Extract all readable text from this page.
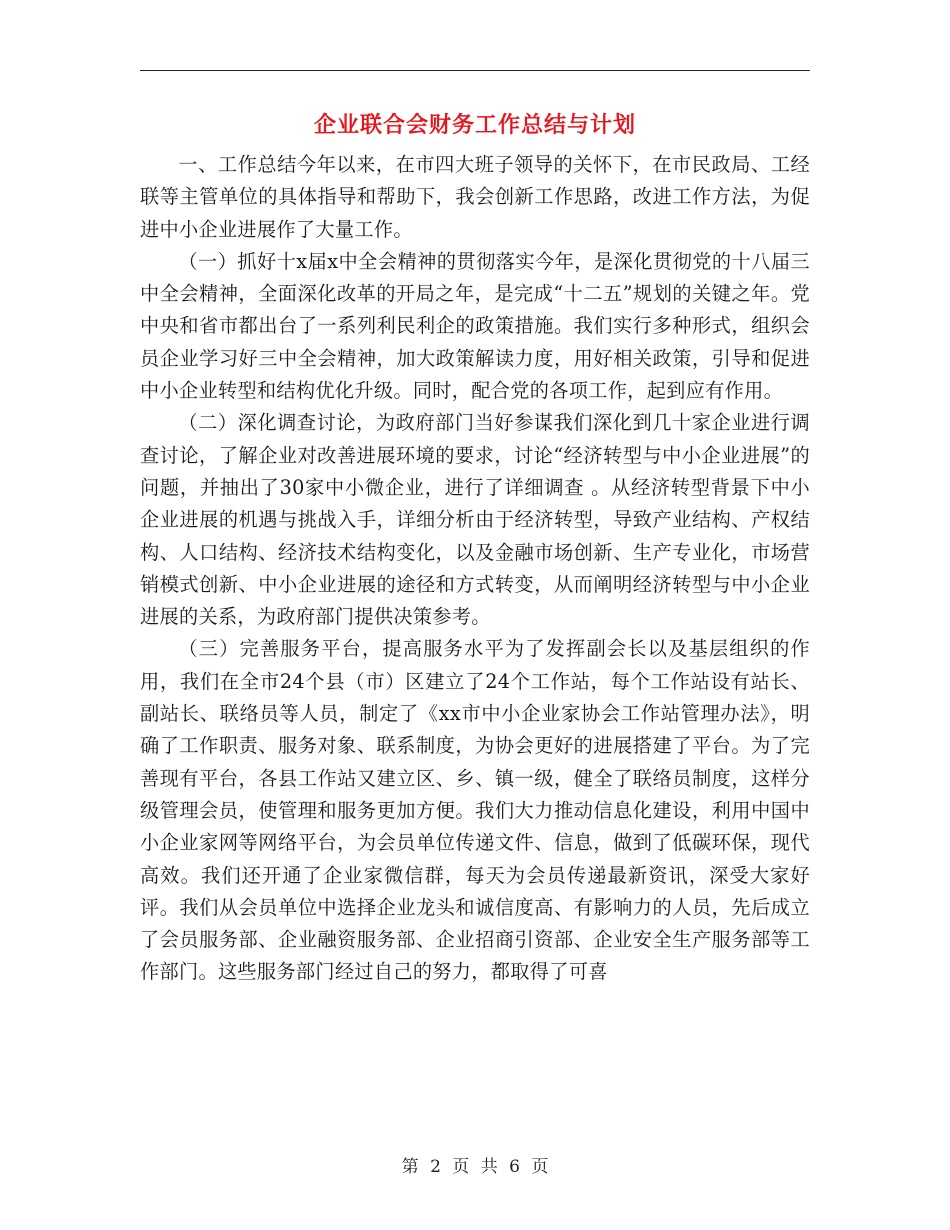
企业联合会财务工作总结与计划

一、工作总结今年以来，在市四大班子领导的关怀下，在市民政局、工经联等主管单位的具体指导和帮助下，我会创新工作思路，改进工作方法，为促进中小企业进展作了大量工作。

（一）抓好十x届x中全会精神的贯彻落实今年，是深化贯彻党的十八届三中全会精神，全面深化改革的开局之年，是完成“十二五”规划的关键之年。党中央和省市都出台了一系列利民利企的政策措施。我们实行多种形式，组织会员企业学习好三中全会精神，加大政策解读力度，用好相关政策，引导和促进中小企业转型和结构优化升级。同时，配合党的各项工作，起到应有作用。

（二）深化调查讨论，为政府部门当好参谋我们深化到几十家企业进行调查讨论，了解企业对改善进展环境的要求，讨论“经济转型与中小企业进展”的问题，并抽出了30家中小微企业，进行了详细调查 。从经济转型背景下中小企业进展的机遇与挑战入手，详细分析由于经济转型，导致产业结构、产权结构、人口结构、经济技术结构变化，以及金融市场创新、生产专业化，市场营销模式创新、中小企业进展的途径和方式转变，从而阐明经济转型与中小企业进展的关系，为政府部门提供决策参考。

（三）完善服务平台，提高服务水平为了发挥副会长以及基层组织的作用，我们在全市24个县（市）区建立了24个工作站，每个工作站设有站长、副站长、联络员等人员，制定了《xx市中小企业家协会工作站管理办法》，明确了工作职责、服务对象、联系制度，为协会更好的进展搭建了平台。为了完善现有平台，各县工作站又建立区、乡、镇一级，健全了联络员制度，这样分级管理会员，使管理和服务更加方便。我们大力推动信息化建设，利用中国中小企业家网等网络平台，为会员单位传递文件、信息，做到了低碳环保，现代高效。我们还开通了企业家微信群，每天为会员传递最新资讯，深受大家好评。我们从会员单位中选择企业龙头和诚信度高、有影响力的人员，先后成立了会员服务部、企业融资服务部、企业招商引资部、企业安全生产服务部等工作部门。这些服务部门经过自己的努力，都取得了可喜

第 2 页 共 6 页
